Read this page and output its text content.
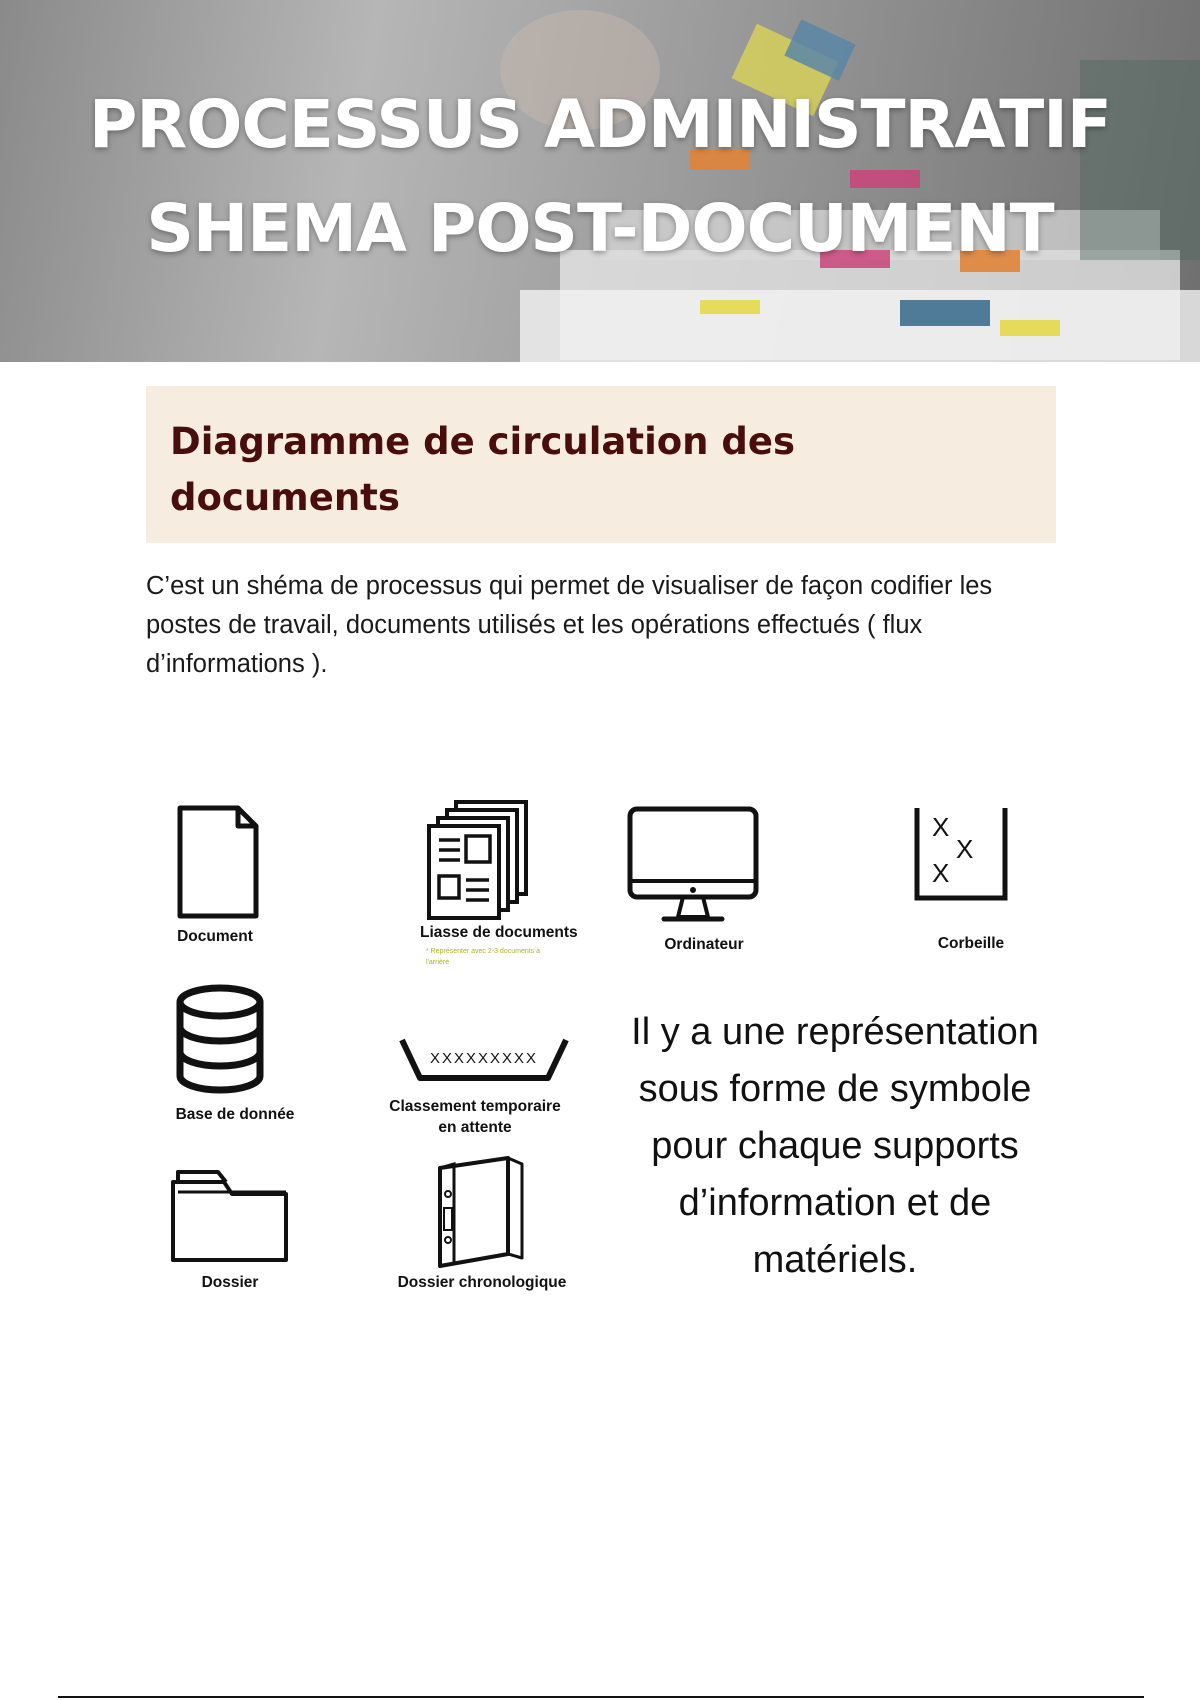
PROCESSUS ADMINISTRATIF
SHEMA POST-DOCUMENT
Diagramme de circulation des documents

C’est un shéma de processus qui permet de visualiser de façon codifier les postes de travail, documents utilisés et les opérations effectués ( flux d’informations ).

Document	Liasse de documents
* Représenter avec 2-3 documents à l'arrière
Ordinateur
X
X
X
Corbeille
Base de donnée
XXXXXXXXX
Classement temporaire
en attente
Dossier	Dossier chronologique

Il y a une représentation sous forme de symbole pour chaque supports d’information et de matériels.
